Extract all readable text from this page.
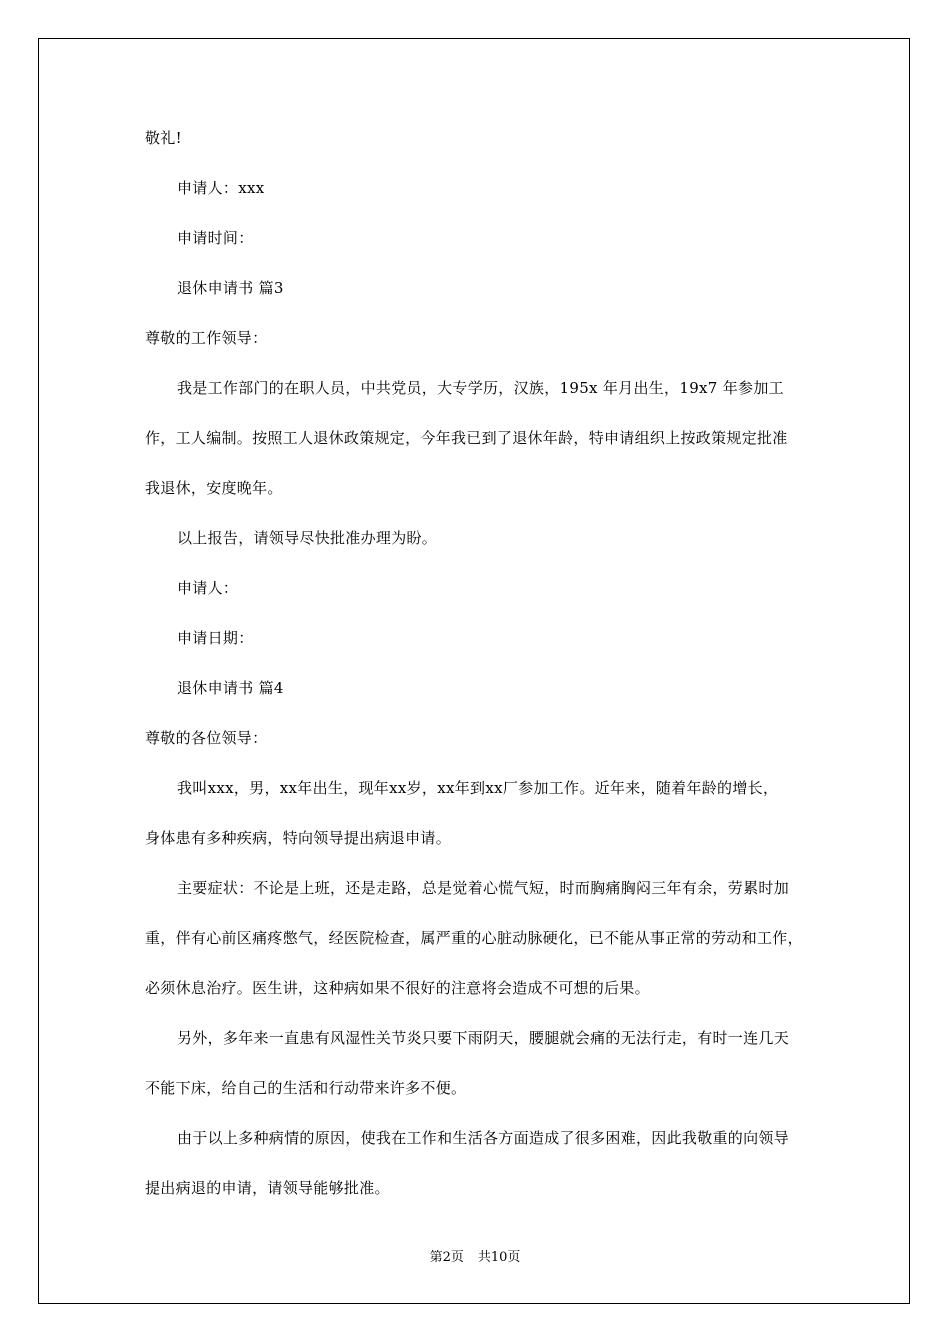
敬礼!
申请人：xxx
申请时间：
退休申请书 篇3
尊敬的工作领导：
我是工作部门的在职人员，中共党员，大专学历，汉族，195x 年月出生，19x7 年参加工
作，工人编制。按照工人退休政策规定，今年我已到了退休年龄，特申请组织上按政策规定批准
我退休，安度晚年。
以上报告，请领导尽快批准办理为盼。
申请人：
申请日期：
退休申请书 篇4
尊敬的各位领导：
我叫xxx，男，xx年出生，现年xx岁，xx年到xx厂参加工作。近年来，随着年龄的增长，
身体患有多种疾病，特向领导提出病退申请。
主要症状：不论是上班，还是走路，总是觉着心慌气短，时而胸痛胸闷三年有余，劳累时加
重，伴有心前区痛疼憋气，经医院检查，属严重的心脏动脉硬化，已不能从事正常的劳动和工作，
必须休息治疗。医生讲，这种病如果不很好的注意将会造成不可想的后果。
另外，多年来一直患有风湿性关节炎只要下雨阴天，腰腿就会痛的无法行走，有时一连几天
不能下床，给自己的生活和行动带来许多不便。
由于以上多种病情的原因，使我在工作和生活各方面造成了很多困难，因此我敬重的向领导
提出病退的申请，请领导能够批准。
第2页 共10页
